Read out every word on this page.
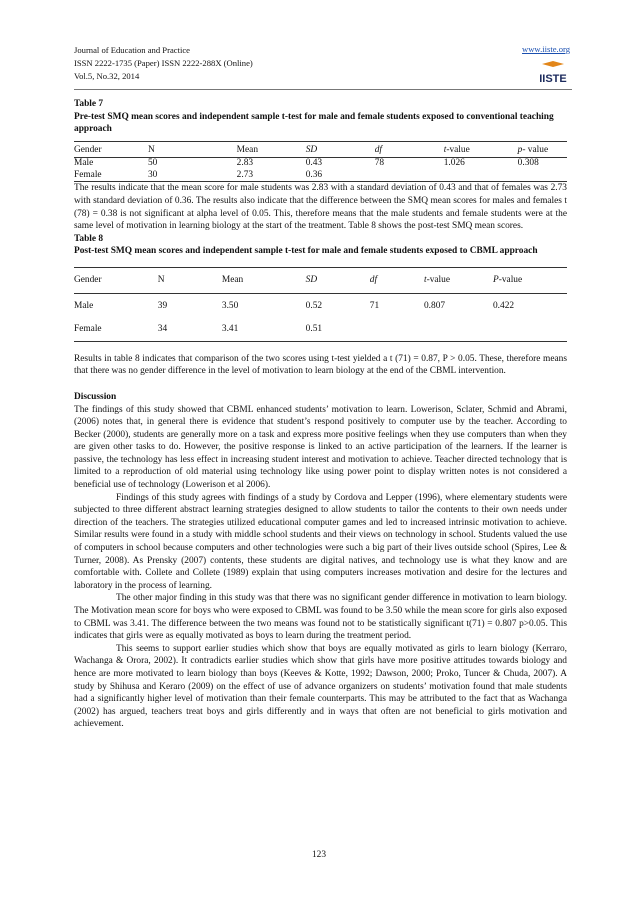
Journal of Education and Practice
ISSN 2222-1735 (Paper) ISSN 2222-288X (Online)
Vol.5, No.32, 2014
www.iiste.org
IISTE
Table 7
Pre-test SMQ mean scores and independent sample t-test for male and female students exposed to conventional teaching approach
Gender	N	Mean	SD	df	t-value	p- value
Male	50	2.83	0.43	78	1.026	0.308
Female	30	2.73	0.36			

The results indicate that the mean score for male students was 2.83 with a standard deviation of 0.43 and that of females was 2.73 with standard deviation of 0.36. The results also indicate that the difference between the SMQ mean scores for males and females t (78) = 0.38 is not significant at alpha level of 0.05. This, therefore means that the male students and female students were at the same level of motivation in learning biology at the start of the treatment. Table 8 shows the post-test SMQ mean scores.

Table 8
Post-test SMQ mean scores and independent sample t-test for male and female students exposed to CBML approach
Gender	N	Mean	SD	df	t-value	P-value
Male	39	3.50	0.52	71	0.807	0.422
Female	34	3.41	0.51			

Results in table 8 indicates that comparison of the two scores using t-test yielded a t (71) = 0.87, P > 0.05. These, therefore means that there was no gender difference in the level of motivation to learn biology at the end of the CBML intervention.

Discussion

The findings of this study showed that CBML enhanced students’ motivation to learn. Lowerison, Sclater, Schmid and Abrami, (2006) notes that, in general there is evidence that student’s respond positively to computer use by the teacher. According to Becker (2000), students are generally more on a task and express more positive feelings when they use computers than when they are given other tasks to do. However, the positive response is linked to an active participation of the learners. If the learner is passive, the technology has less effect in increasing student interest and motivation to achieve. Teacher directed technology that is limited to a reproduction of old material using technology like using power point to display written notes is not considered a beneficial use of technology (Lowerison et al 2006).

Findings of this study agrees with findings of a study by Cordova and Lepper (1996), where elementary students were subjected to three different abstract learning strategies designed to allow students to tailor the contents to their own needs under direction of the teachers. The strategies utilized educational computer games and led to increased intrinsic motivation to achieve. Similar results were found in a study with middle school students and their views on technology in school. Students valued the use of computers in school because computers and other technologies were such a big part of their lives outside school (Spires, Lee & Turner, 2008). As Prensky (2007) contents, these students are digital natives, and technology use is what they know and are comfortable with. Collete and Collete (1989) explain that using computers increases motivation and desire for the lectures and laboratory in the process of learning.

The other major finding in this study was that there was no significant gender difference in motivation to learn biology. The Motivation mean score for boys who were exposed to CBML was found to be 3.50 while the mean score for girls also exposed to CBML was 3.41. The difference between the two means was found not to be statistically significant t(71) = 0.807 p>0.05. This indicates that girls were as equally motivated as boys to learn during the treatment period.

This seems to support earlier studies which show that boys are equally motivated as girls to learn biology (Kerraro, Wachanga & Orora, 2002). It contradicts earlier studies which show that girls have more positive attitudes towards biology and hence are more motivated to learn biology than boys (Keeves & Kotte, 1992; Dawson, 2000; Proko, Tuncer & Chuda, 2007). A study by Shihusa and Keraro (2009) on the effect of use of advance organizers on students’ motivation found that male students had a significantly higher level of motivation than their female counterparts. This may be attributed to the fact that as Wachanga (2002) has argued, teachers treat boys and girls differently and in ways that often are not beneficial to girls motivation and achievement.

123
